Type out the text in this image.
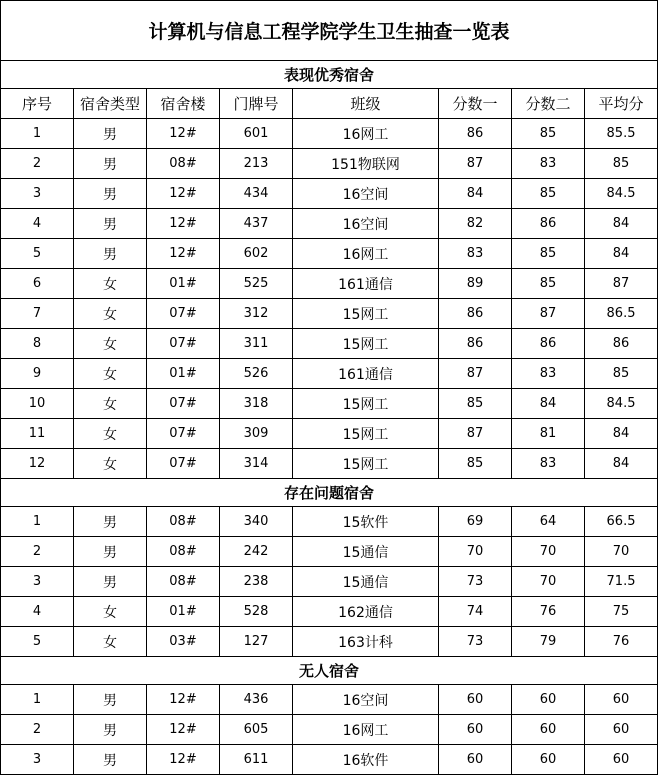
计算机与信息工程学院学生卫生抽查一览表							
表现优秀宿舍							
序号	宿舍类型	宿舍楼	门牌号	班级	分数一	分数二	平均分
1	男	12#	601	16网工	86	85	85.5
2	男	08#	213	151物联网	87	83	85
3	男	12#	434	16空间	84	85	84.5
4	男	12#	437	16空间	82	86	84
5	男	12#	602	16网工	83	85	84
6	女	01#	525	161通信	89	85	87
7	女	07#	312	15网工	86	87	86.5
8	女	07#	311	15网工	86	86	86
9	女	01#	526	161通信	87	83	85
10	女	07#	318	15网工	85	84	84.5
11	女	07#	309	15网工	87	81	84
12	女	07#	314	15网工	85	83	84
存在问题宿舍							
1	男	08#	340	15软件	69	64	66.5
2	男	08#	242	15通信	70	70	70
3	男	08#	238	15通信	73	70	71.5
4	女	01#	528	162通信	74	76	75
5	女	03#	127	163计科	73	79	76
无人宿舍							
1	男	12#	436	16空间	60	60	60
2	男	12#	605	16网工	60	60	60
3	男	12#	611	16软件	60	60	60
